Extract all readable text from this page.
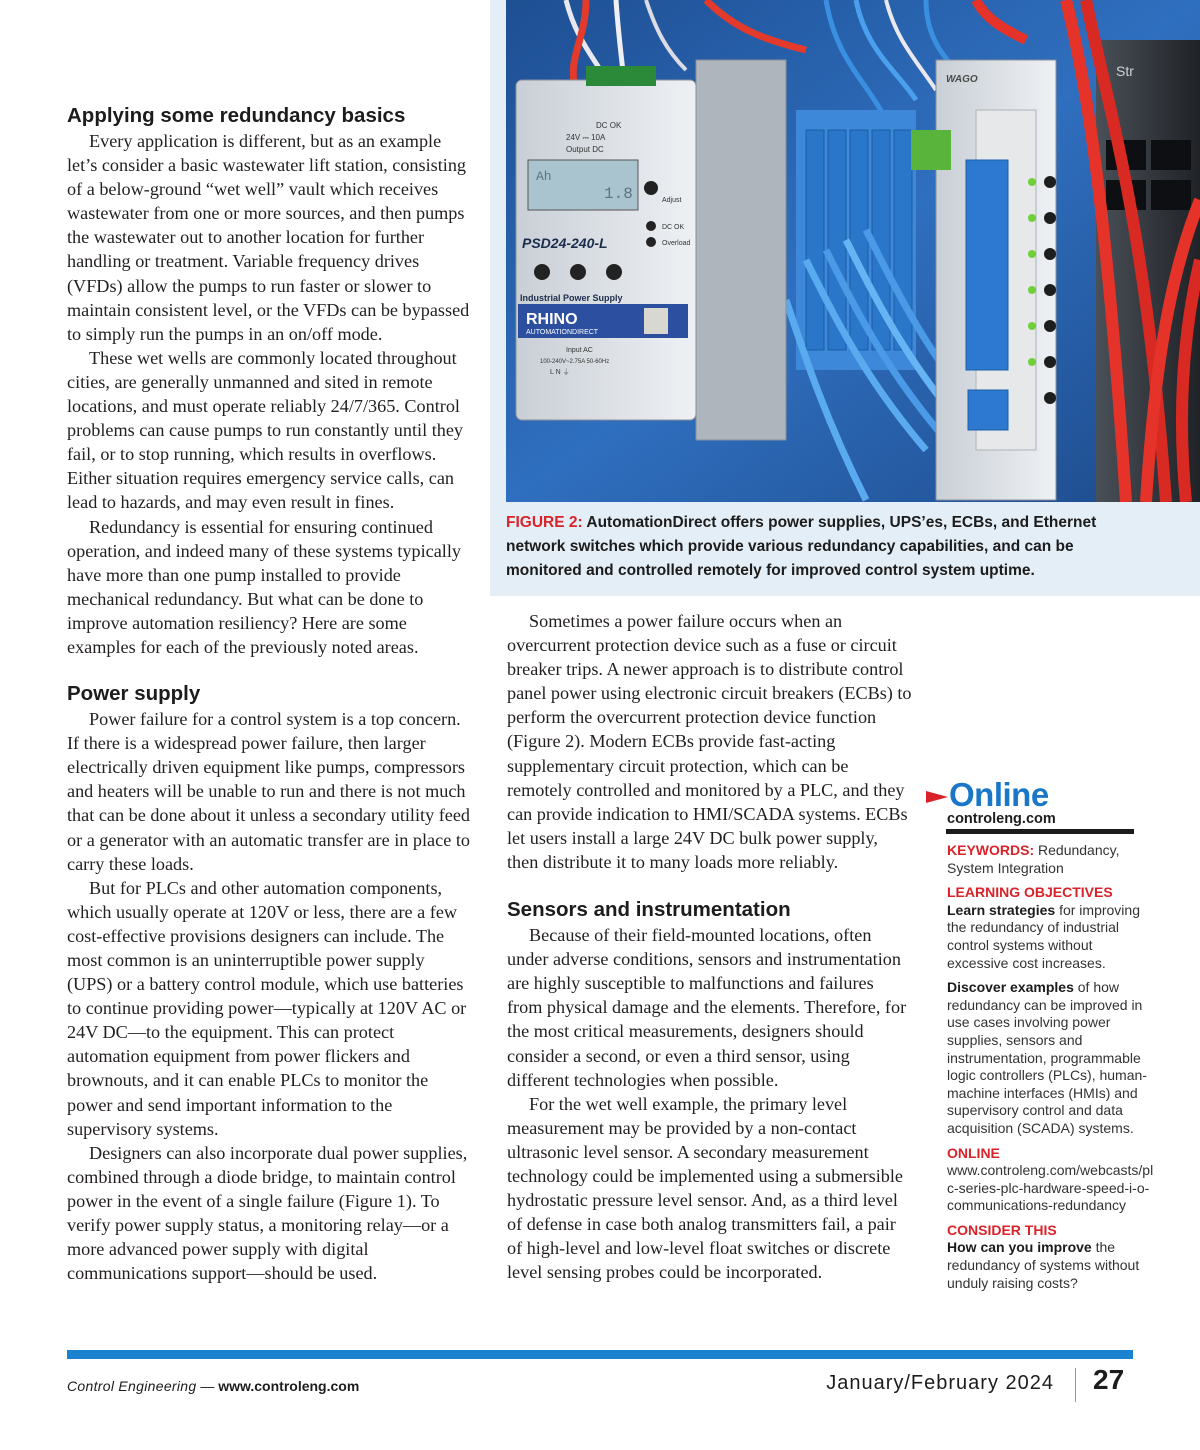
DC OK
24V ⎓ 10A
Output DC
Ah
1.8	Adjust
DC OK
Overload
PSD24-240-L
Industrial Power Supply
RHINO
AUTOMATIONDIRECT
Input AC
100-240V~2.75A 50-60Hz
L N ⏚
WAGO
Str
FIGURE 2: AutomationDirect offers power supplies, UPS’es, ECBs, and Ethernet network switches which provide various redundancy capabilities, and can be monitored and controlled remotely for improved control system uptime.
Applying some redundancy basics

Every application is different, but as an example let’s consider a basic wastewater lift station, consisting of a below-ground “wet well” vault which receives wastewater from one or more sources, and then pumps the wastewater out to another location for further handling or treatment. Variable frequency drives (VFDs) allow the pumps to run faster or slower to maintain consistent level, or the VFDs can be bypassed to simply run the pumps in an on/off mode.

These wet wells are commonly located throughout cities, are generally unmanned and sited in remote locations, and must operate reliably 24/7/365. Control problems can cause pumps to run constantly until they fail, or to stop running, which results in overflows. Either situation requires emergency service calls, can lead to hazards, and may even result in fines.

Redundancy is essential for ensuring continued operation, and indeed many of these systems typically have more than one pump installed to provide mechanical redundancy. But what can be done to improve automation resiliency? Here are some examples for each of the previously noted areas.

Power supply

Power failure for a control system is a top concern. If there is a widespread power failure, then larger electrically driven equipment like pumps, compressors and heaters will be unable to run and there is not much that can be done about it unless a secondary utility feed or a generator with an automatic transfer are in place to carry these loads.

But for PLCs and other automation components, which usually operate at 120V or less, there are a few cost-effective provisions designers can include. The most common is an uninterruptible power supply (UPS) or a battery control module, which use batteries to continue providing power—typically at 120V AC or 24V DC—to the equipment. This can protect automation equipment from power flickers and brownouts, and it can enable PLCs to monitor the power and send important information to the supervisory systems.

Designers can also incorporate dual power supplies, combined through a diode bridge, to maintain control power in the event of a single failure (Figure 1). To verify power supply status, a monitoring relay—or a more advanced power supply with digital communications support—should be used.

Sometimes a power failure occurs when an overcurrent protection device such as a fuse or circuit breaker trips. A newer approach is to distribute control panel power using electronic circuit breakers (ECBs) to perform the overcurrent protection device function (Figure 2). Modern ECBs provide fast-acting supplementary circuit protection, which can be remotely controlled and monitored by a PLC, and they can provide indication to HMI/SCADA systems. ECBs let users install a large 24V DC bulk power supply, then distribute it to many loads more reliably.

Sensors and instrumentation

Because of their field-mounted locations, often under adverse conditions, sensors and instrumentation are highly susceptible to malfunctions and failures from physical damage and the elements. Therefore, for the most critical measurements, designers should consider a second, or even a third sensor, using different technologies when possible.

For the wet well example, the primary level measurement may be provided by a non-contact ultrasonic level sensor. A secondary measurement technology could be implemented using a submersible hydrostatic pressure level sensor. And, as a third level of defense in case both analog transmitters fail, a pair of high-level and low-level float switches or discrete level sensing probes could be incorporated.

Online
controleng.com
KEYWORDS: Redundancy, System Integration
LEARNING OBJECTIVES
Learn strategies for improving the redundancy of industrial control systems without excessive cost increases.
Discover examples of how redundancy can be improved in use cases involving power supplies, sensors and instrumentation, programmable logic controllers (PLCs), human-machine interfaces (HMIs) and supervisory control and data acquisition (SCADA) systems.
ONLINE
www.controleng.com/webcasts/plc-series-plc-hardware-speed-i-o-communications-redundancy
CONSIDER THIS
How can you improve the redundancy of systems without unduly raising costs?
Control Engineering — www.controleng.com	January/February 2024 27
